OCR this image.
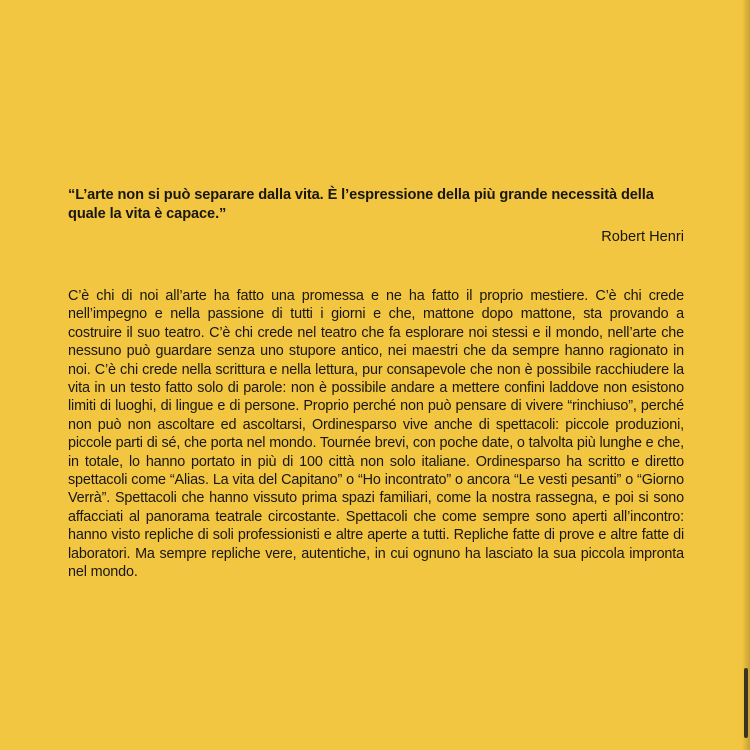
“L’arte non si può separare dalla vita. È l’espressione della più grande necessità della quale la vita è capace.”

Robert Henri

C’è chi di noi all’arte ha fatto una promessa e ne ha fatto il proprio mestiere. C’è chi crede nell’impegno e nella passione di tutti i giorni e che, mattone dopo mattone, sta provando a costruire il suo teatro. C’è chi crede nel teatro che fa esplorare noi stessi e il mondo, nell’arte che nessuno può guardare senza uno stupore antico, nei maestri che da sempre hanno ragionato in noi. C’è chi crede nella scrittura e nella lettura, pur consapevole che non è possibile racchiudere la vita in un testo fatto solo di parole: non è possibile andare a mettere confini laddove non esistono limiti di luoghi, di lingue e di persone. Proprio perché non può pensare di vivere “rinchiuso”, perché non può non ascoltare ed ascoltarsi, Ordinesparso vive anche di spettacoli: piccole produzioni, piccole parti di sé, che porta nel mondo. Tournée brevi, con poche date, o talvolta più lunghe e che, in totale, lo hanno portato in più di 100 città non solo italiane. Ordinesparso ha scritto e diretto spettacoli come “Alias. La vita del Capitano” o “Ho incontrato” o ancora “Le vesti pesanti” o “Giorno Verrà”. Spettacoli che hanno vissuto prima spazi familiari, come la nostra rassegna, e poi si sono affacciati al panorama teatrale circostante. Spettacoli che come sempre sono aperti all’incontro: hanno visto repliche di soli professionisti e altre aperte a tutti. Repliche fatte di prove e altre fatte di laboratori. Ma sempre repliche vere, autentiche, in cui ognuno ha lasciato la sua piccola impronta nel mondo.
